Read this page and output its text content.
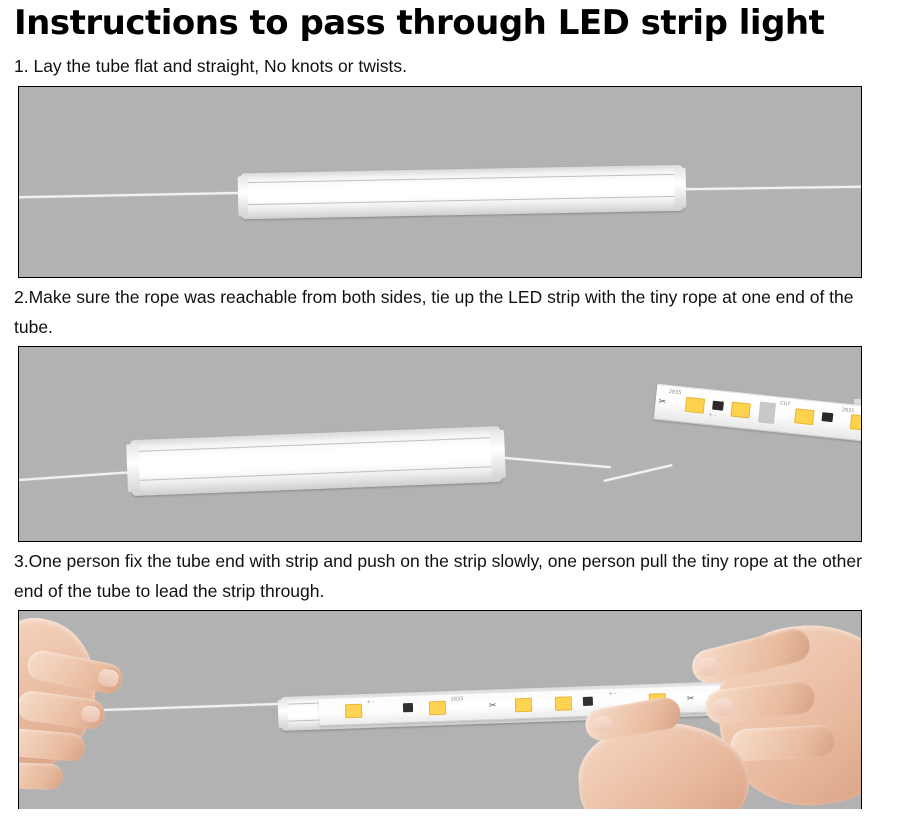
Instructions to pass through LED strip light
1. Lay the tube flat and straight, No knots or twists.
2.Make sure the rope was reachable from both sides, tie up the LED strip with the tiny rope at one end of the tube.
✂
2835
+ -
CUT
2835
3.One person fix the tube end with strip and push on the strip slowly, one person pull the tiny rope at the other end of the tube to lead the strip through.
+ -	2835
✂
+ -	✂
